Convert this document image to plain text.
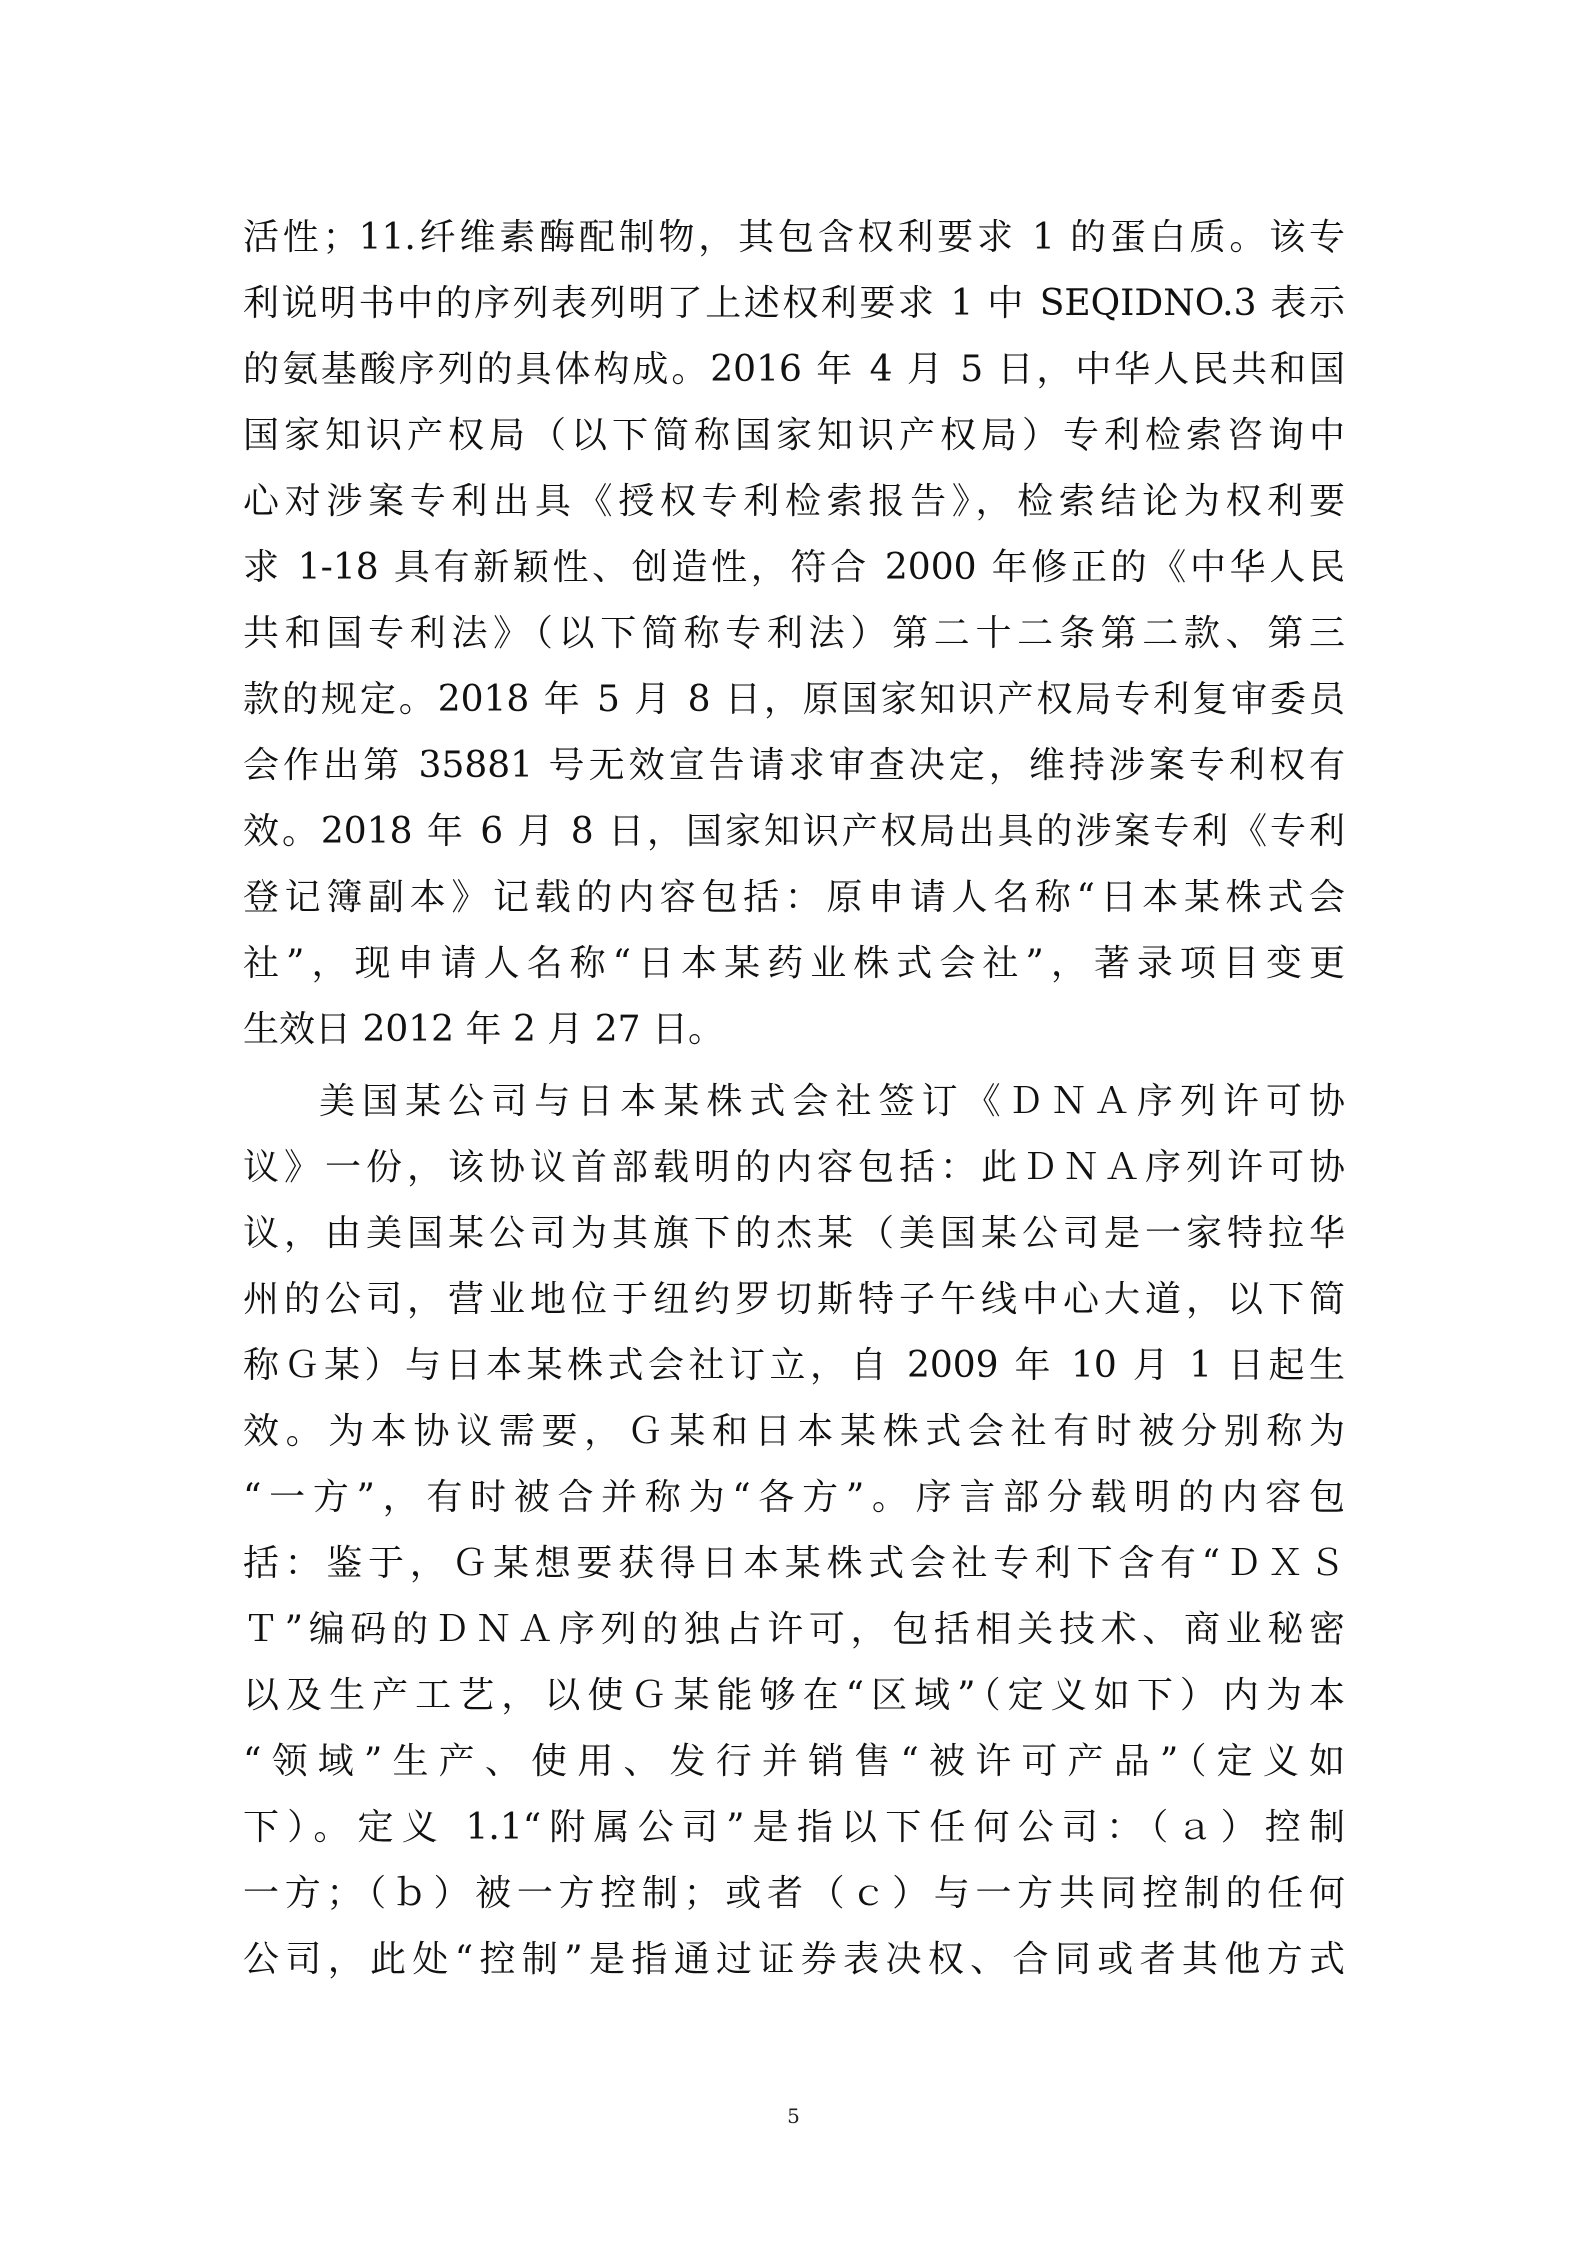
活性；11.纤维素酶配制物，其包含权利要求 1 的蛋白质。该专
利说明书中的序列表列明了上述权利要求 1 中 SEQIDNO.3 表示
的氨基酸序列的具体构成。2016 年 4 月 5 日，中华人民共和国
国家知识产权局（以下简称国家知识产权局）专利检索咨询中
心对涉案专利出具《授权专利检索报告》，检索结论为权利要
求 1-18 具有新颖性、创造性，符合 2000 年修正的《中华人民
共和国专利法》（以下简称专利法）第二十二条第二款、第三
款的规定。2018 年 5 月 8 日，原国家知识产权局专利复审委员
会作出第 35881 号无效宣告请求审查决定，维持涉案专利权有
效。2018 年 6 月 8 日，国家知识产权局出具的涉案专利《专利
登记簿副本》记载的内容包括：原申请人名称“日本某株式会
社”，现申请人名称“日本某药业株式会社”，著录项目变更
生效日 2012 年 2 月 27 日。
美国某公司与日本某株式会社签订《ＤＮＡ序列许可协
议》一份，该协议首部载明的内容包括：此ＤＮＡ序列许可协
议，由美国某公司为其旗下的杰某（美国某公司是一家特拉华
州的公司，营业地位于纽约罗切斯特子午线中心大道，以下简
称Ｇ某）与日本某株式会社订立，自 2009 年 10 月 1 日起生
效。为本协议需要，Ｇ某和日本某株式会社有时被分别称为
“一方”，有时被合并称为“各方”。序言部分载明的内容包
括：鉴于，Ｇ某想要获得日本某株式会社专利下含有“ＤＸＳ
Ｔ”编码的ＤＮＡ序列的独占许可，包括相关技术、商业秘密
以及生产工艺，以使Ｇ某能够在“区域”（定义如下）内为本
“领域”生产、使用、发行并销售“被许可产品”（定义如
下）。定义 1.1“附属公司”是指以下任何公司：（ａ）控制
一方；（ｂ）被一方控制；或者（ｃ）与一方共同控制的任何
公司，此处“控制”是指通过证券表决权、合同或者其他方式
5
